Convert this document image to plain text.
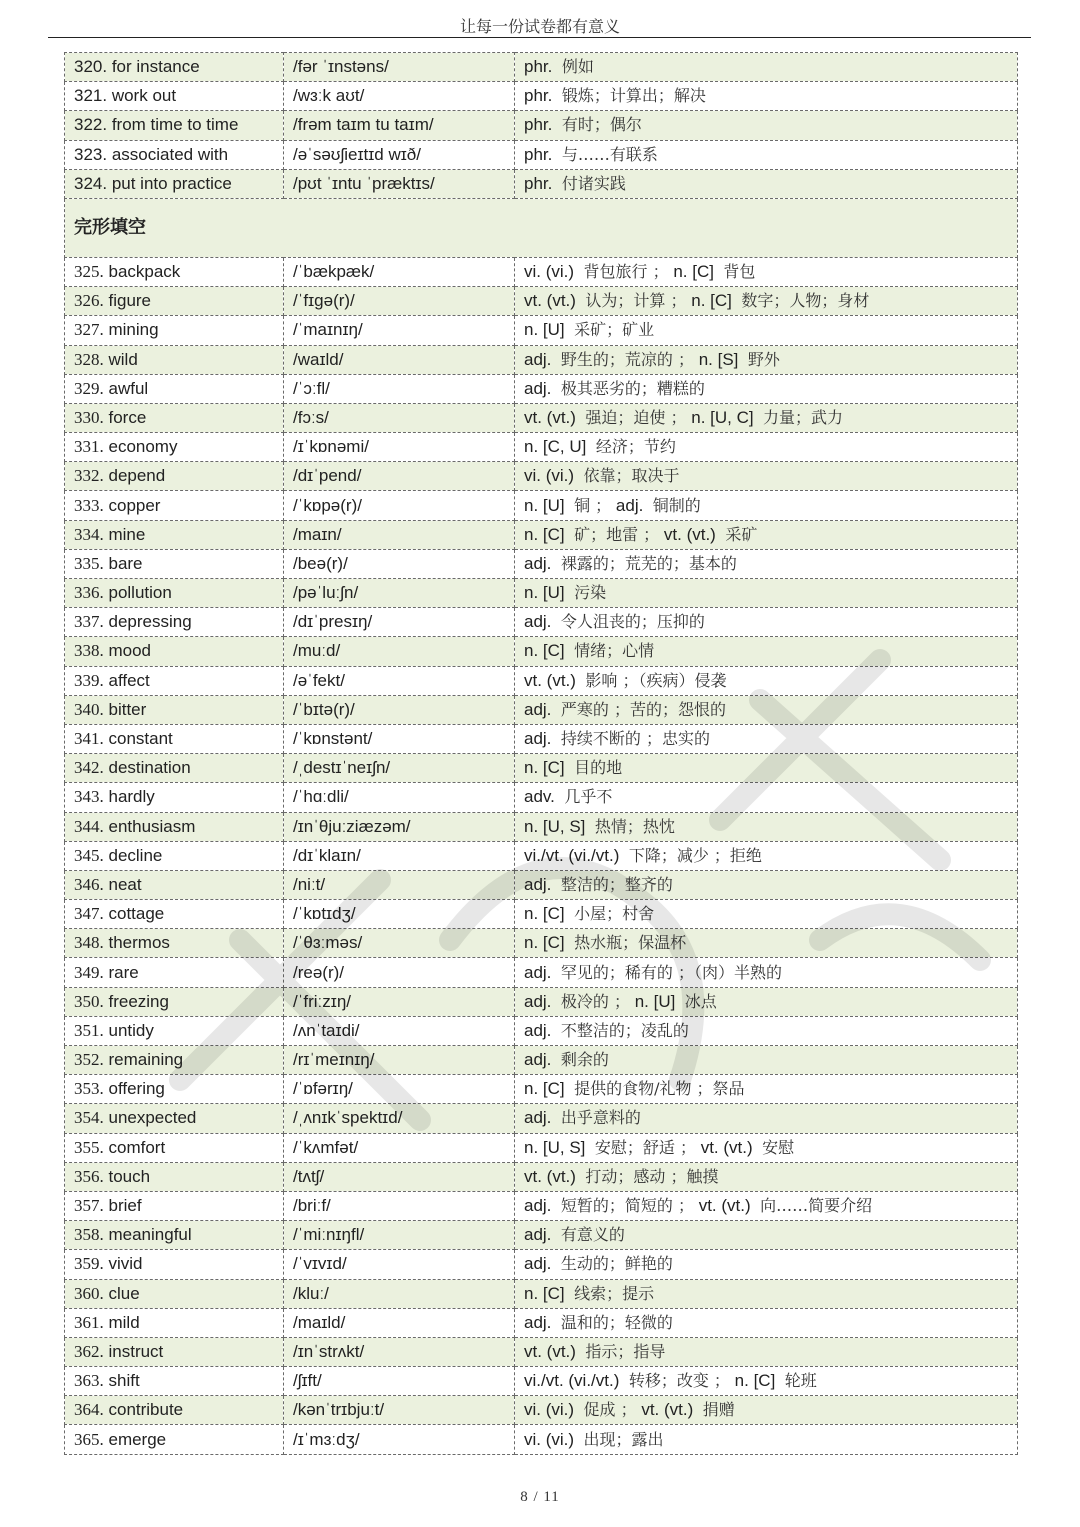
让每一份试卷都有意义
320. for instance	/fər ˈɪnstəns/	phr. 例如
321. work out	/wɜːk aʊt/	phr. 锻炼；计算出；解决
322. from time to time	/frəm taɪm tu taɪm/	phr. 有时；偶尔
323. associated with	/əˈsəʊʃieɪtɪd wɪð/	phr. 与……有联系
324. put into practice	/pʊt ˈɪntu ˈpræktɪs/	phr. 付诸实践
完形填空		
325. backpack	/ˈbækpæk/	vi. (vi.) 背包旅行 ； n. [C] 背包
326. figure	/ˈfɪɡə(r)/	vt. (vt.) 认为；计算 ； n. [C] 数字；人物；身材
327. mining	/ˈmaɪnɪŋ/	n. [U] 采矿；矿业
328. wild	/waɪld/	adj. 野生的；荒凉的 ； n. [S] 野外
329. awful	/ˈɔːfl/	adj. 极其恶劣的；糟糕的
330. force	/fɔːs/	vt. (vt.) 强迫；迫使 ； n. [U, C] 力量；武力
331. economy	/ɪˈkɒnəmi/	n. [C, U] 经济；节约
332. depend	/dɪˈpend/	vi. (vi.) 依靠；取决于
333. copper	/ˈkɒpə(r)/	n. [U] 铜 ； adj. 铜制的
334. mine	/maɪn/	n. [C] 矿；地雷 ； vt. (vt.) 采矿
335. bare	/beə(r)/	adj. 裸露的；荒芜的；基本的
336. pollution	/pəˈluːʃn/	n. [U] 污染
337. depressing	/dɪˈpresɪŋ/	adj. 令人沮丧的；压抑的
338. mood	/muːd/	n. [C] 情绪；心情
339. affect	/əˈfekt/	vt. (vt.) 影响 ；（疾病）侵袭
340. bitter	/ˈbɪtə(r)/	adj. 严寒的 ；苦的；怨恨的
341. constant	/ˈkɒnstənt/	adj. 持续不断的 ；忠实的
342. destination	/ˌdestɪˈneɪʃn/	n. [C] 目的地
343. hardly	/ˈhɑːdli/	adv. 几乎不
344. enthusiasm	/ɪnˈθjuːziæzəm/	n. [U, S] 热情；热忱
345. decline	/dɪˈklaɪn/	vi./vt. (vi./vt.) 下降；减少 ；拒绝
346. neat	/niːt/	adj. 整洁的；整齐的
347. cottage	/ˈkɒtɪdʒ/	n. [C] 小屋；村舍
348. thermos	/ˈθɜːməs/	n. [C] 热水瓶；保温杯
349. rare	/reə(r)/	adj. 罕见的；稀有的 ；（肉）半熟的
350. freezing	/ˈfriːzɪŋ/	adj. 极冷的 ； n. [U] 冰点
351. untidy	/ʌnˈtaɪdi/	adj. 不整洁的；凌乱的
352. remaining	/rɪˈmeɪnɪŋ/	adj. 剩余的
353. offering	/ˈɒfərɪŋ/	n. [C] 提供的食物/礼物 ；祭品
354. unexpected	/ˌʌnɪkˈspektɪd/	adj. 出乎意料的
355. comfort	/ˈkʌmfət/	n. [U, S] 安慰；舒适 ； vt. (vt.) 安慰
356. touch	/tʌtʃ/	vt. (vt.) 打动；感动 ；触摸
357. brief	/briːf/	adj. 短暂的；简短的 ； vt. (vt.) 向……简要介绍
358. meaningful	/ˈmiːnɪŋfl/	adj. 有意义的
359. vivid	/ˈvɪvɪd/	adj. 生动的；鲜艳的
360. clue	/kluː/	n. [C] 线索；提示
361. mild	/maɪld/	adj. 温和的；轻微的
362. instruct	/ɪnˈstrʌkt/	vt. (vt.) 指示；指导
363. shift	/ʃɪft/	vi./vt. (vi./vt.) 转移；改变 ； n. [C] 轮班
364. contribute	/kənˈtrɪbjuːt/	vi. (vi.) 促成 ； vt. (vt.) 捐赠
365. emerge	/ɪˈmɜːdʒ/	vi. (vi.) 出现；露出
8 / 11
